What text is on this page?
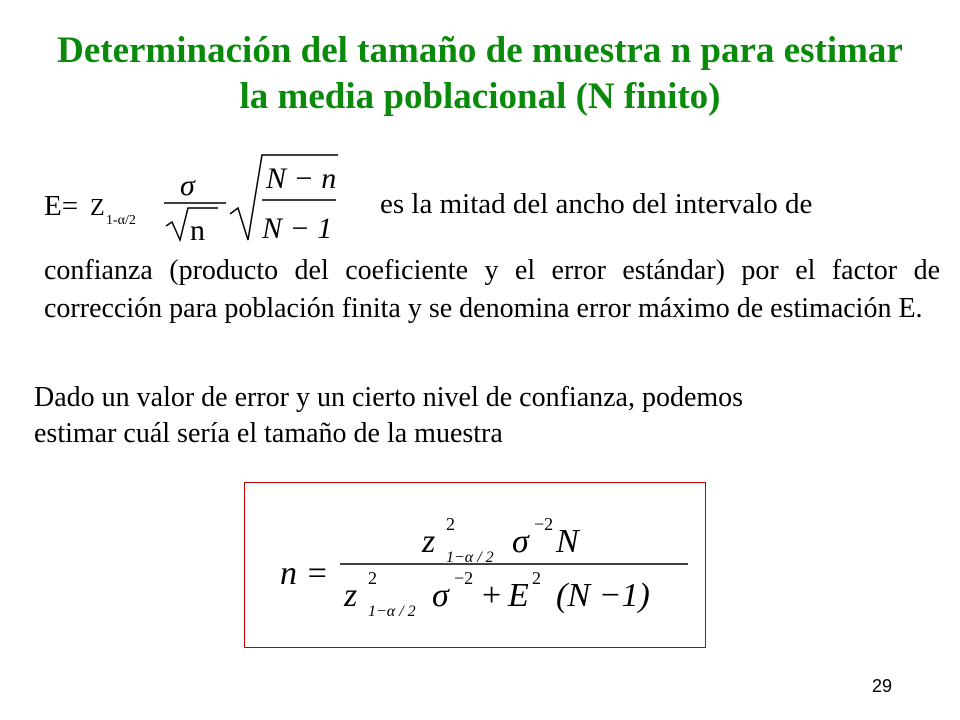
Determinación del tamaño de muestra n para estimar la media poblacional (N finito)
E= Z 1-α/2
σ
n
N − n
N − 1
es la mitad del ancho del intervalo de
confianza (producto del coeficiente y el error estándar) por el factor de corrección para población finita y se denomina error máximo de estimación E.
Dado un valor de error y un cierto nivel de confianza, podemos
estimar cuál sería el tamaño de la muestra
n =
z 2
1−α / 2 σ −2 N
z 2
1−α / 2 σ −2 + E 2 (N −1)
29
